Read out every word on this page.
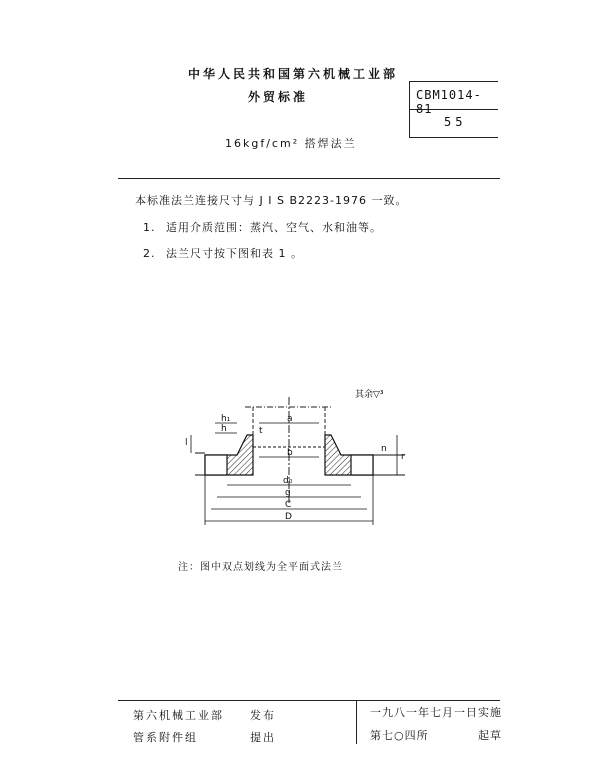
中华人民共和国第六机械工业部
外贸标准	CBM1014-81
55
16kgf/cm² 搭焊法兰
本标准法兰连接尺寸与 J I S B2223-1976 一致。
1. 适用介质范围：蒸汽、空气、水和油等。
2. 法兰尺寸按下图和表 1 。
其余▽³
a
b
h₁
h	t
l
r
n
d₀
g
C
D
注：图中双点划线为全平面式法兰
第六机械工业部 发布	一九八一年七月一日实施
管系附件组	提出	第七○四所	起草
